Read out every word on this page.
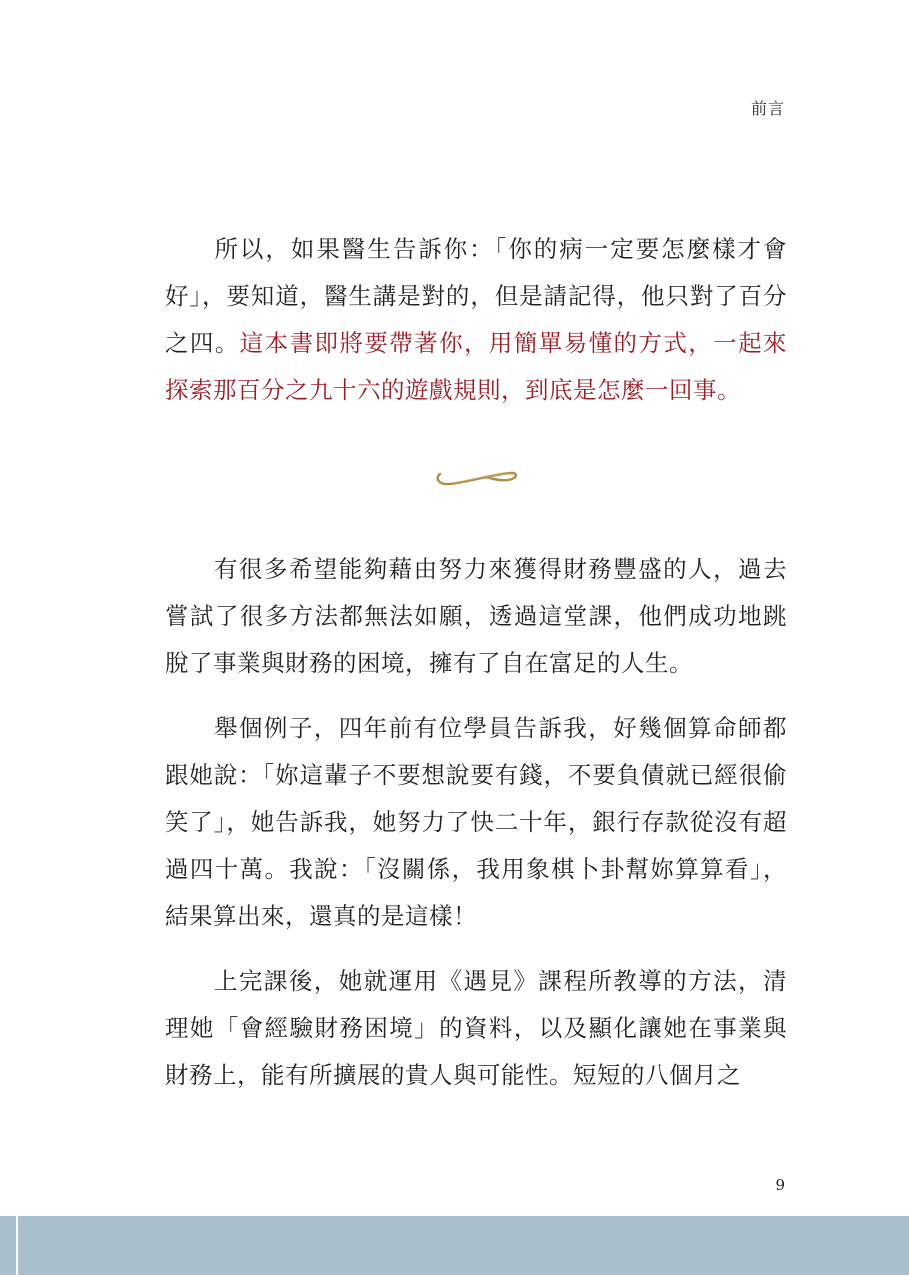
前言

所以，如果醫生告訴你：「你的病一定要怎麼樣才會好」，要知道，醫生講是對的，但是請記得，他只對了百分之四。這本書即將要帶著你，用簡單易懂的方式，一起來探索那百分之九十六的遊戲規則，到底是怎麼一回事。

有很多希望能夠藉由努力來獲得財務豐盛的人，過去嘗試了很多方法都無法如願，透過這堂課，他們成功地跳脫了事業與財務的困境，擁有了自在富足的人生。

舉個例子，四年前有位學員告訴我，好幾個算命師都跟她說：「妳這輩子不要想說要有錢，不要負債就已經很偷笑了」，她告訴我，她努力了快二十年，銀行存款從沒有超過四十萬。我說：「沒關係，我用象棋卜卦幫妳算算看」，結果算出來，還真的是這樣！

上完課後，她就運用《遇見》課程所教導的方法，清理她「會經驗財務困境」的資料，以及顯化讓她在事業與財務上，能有所擴展的貴人與可能性。短短的八個月之

9
